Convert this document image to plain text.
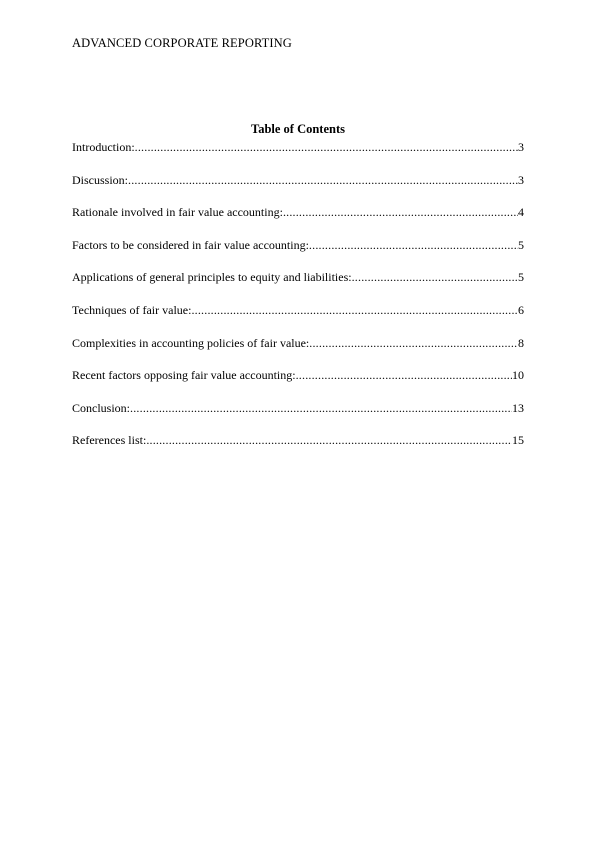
ADVANCED CORPORATE REPORTING
Table of Contents
Introduction: .....	3
Discussion: .....	3
Rationale involved in fair value accounting: .....	4
Factors to be considered in fair value accounting: .....	5
Applications of general principles to equity and liabilities: .....	5
Techniques of fair value: .....	6
Complexities in accounting policies of fair value: .....	8
Recent factors opposing fair value accounting: .....	10
Conclusion: .....	13
References list: .....	15
